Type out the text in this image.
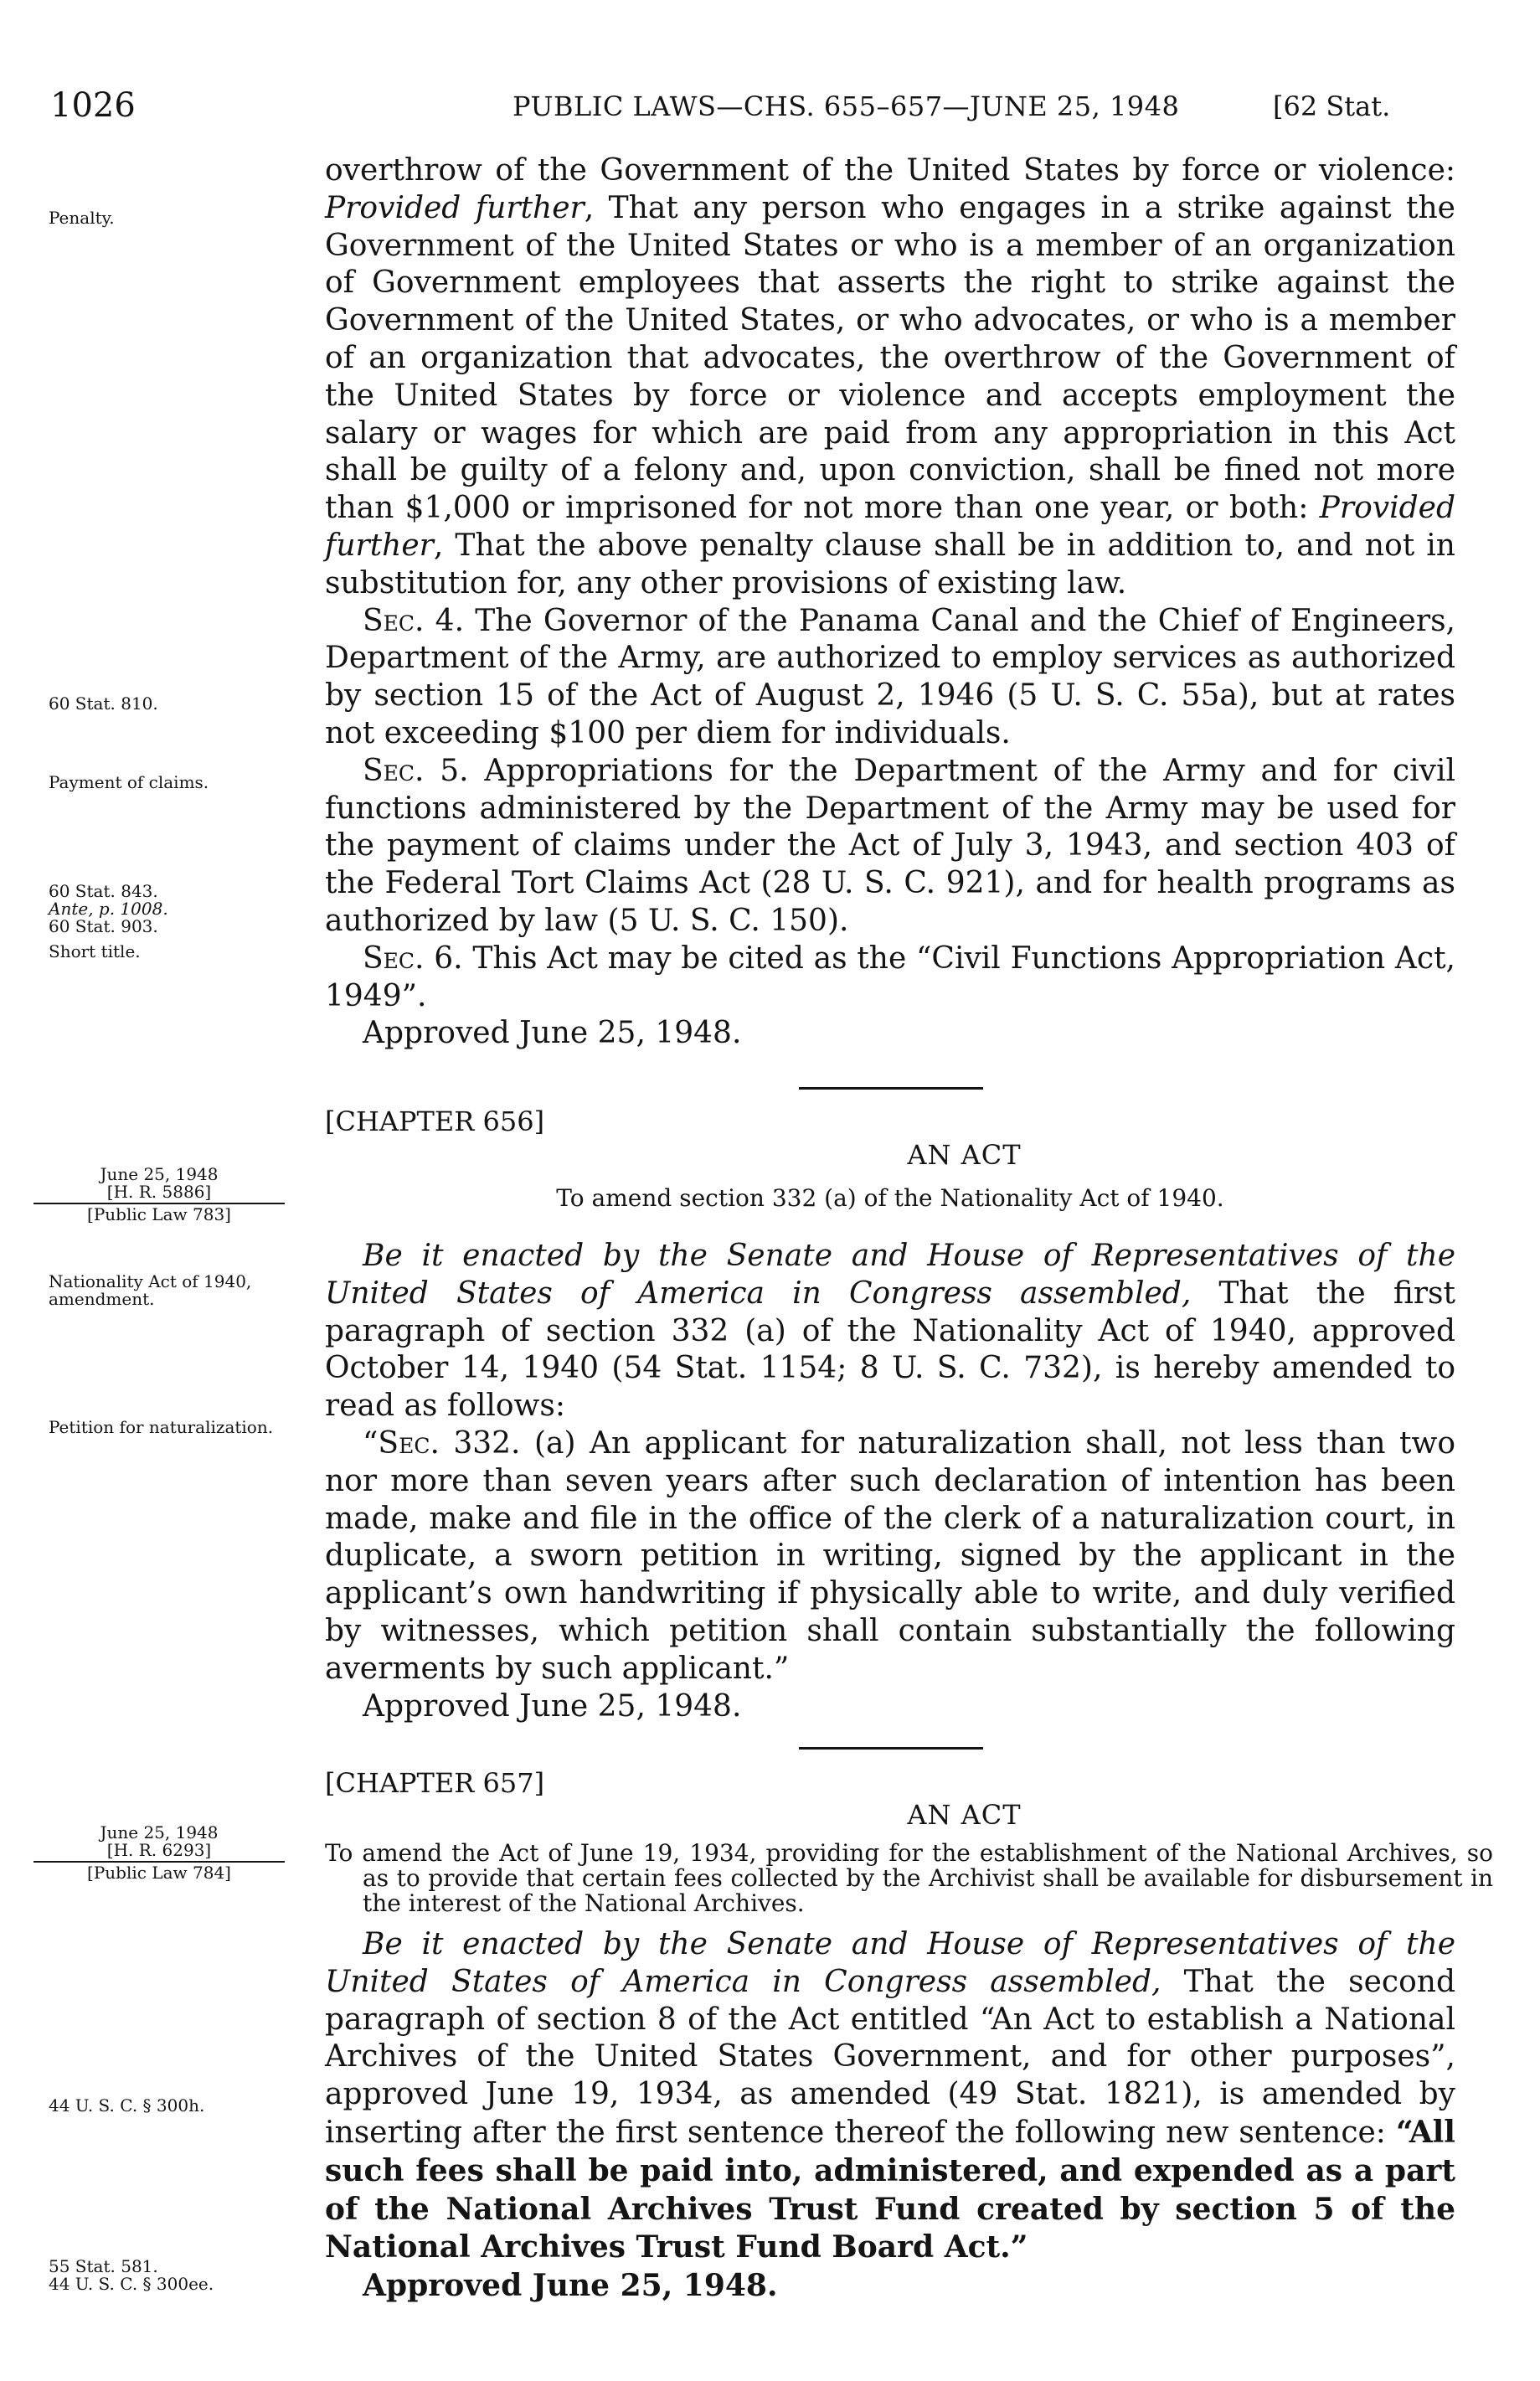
1026	PUBLIC LAWS—CHS. 655–657—JUNE 25, 1948	[62 Stat.

overthrow of the Government of the United States by force or violence: Provided further, That any person who engages in a strike against the Government of the United States or who is a member of an organization of Government employees that asserts the right to strike against the Government of the United States, or who advocates, or who is a member of an organization that advocates, the overthrow of the Government of the United States by force or violence and accepts employment the salary or wages for which are paid from any appropriation in this Act shall be guilty of a felony and, upon conviction, shall be fined not more than $1,000 or imprisoned for not more than one year, or both: Provided further, That the above penalty clause shall be in addition to, and not in substitution for, any other provisions of existing law.

Sec. 4. The Governor of the Panama Canal and the Chief of Engineers, Department of the Army, are authorized to employ services as authorized by section 15 of the Act of August 2, 1946 (5 U. S. C. 55a), but at rates not exceeding $100 per diem for individuals.

Sec. 5. Appropriations for the Department of the Army and for civil functions administered by the Department of the Army may be used for the payment of claims under the Act of July 3, 1943, and section 403 of the Federal Tort Claims Act (28 U. S. C. 921), and for health programs as authorized by law (5 U. S. C. 150).

Sec. 6. This Act may be cited as the “Civil Functions Appropriation Act, 1949”.

Approved June 25, 1948.

Penalty.
60 Stat. 810.
Payment of claims.
60 Stat. 843.
Ante, p. 1008.
60 Stat. 903.
Short title.
[CHAPTER 656]
AN ACT
To amend section 332 (a) of the Nationality Act of 1940.
June 25, 1948
[H. R. 5886]
[Public Law 783]
Nationality Act of 1940, amendment.
Petition for naturalization.

Be it enacted by the Senate and House of Representatives of the United States of America in Congress assembled, That the first paragraph of section 332 (a) of the Nationality Act of 1940, approved October 14, 1940 (54 Stat. 1154; 8 U. S. C. 732), is hereby amended to read as follows:

“Sec. 332. (a) An applicant for naturalization shall, not less than two nor more than seven years after such declaration of intention has been made, make and file in the office of the clerk of a naturalization court, in duplicate, a sworn petition in writing, signed by the applicant in the applicant’s own handwriting if physically able to write, and duly verified by witnesses, which petition shall contain substantially the following averments by such applicant.”

Approved June 25, 1948.

[CHAPTER 657]
AN ACT
To amend the Act of June 19, 1934, providing for the establishment of the National Archives, so as to provide that certain fees collected by the Archivist shall be available for disbursement in the interest of the National Archives.
June 25, 1948
[H. R. 6293]
[Public Law 784]
44 U. S. C. § 300h.
55 Stat. 581.
44 U. S. C. § 300ee.

Be it enacted by the Senate and House of Representatives of the United States of America in Congress assembled, That the second paragraph of section 8 of the Act entitled “An Act to establish a National Archives of the United States Government, and for other purposes”, approved June 19, 1934, as amended (49 Stat. 1821), is amended by inserting after the first sentence thereof the following new sentence: “All such fees shall be paid into, administered, and expended as a part of the National Archives Trust Fund created by section 5 of the National Archives Trust Fund Board Act.”

Approved June 25, 1948.
